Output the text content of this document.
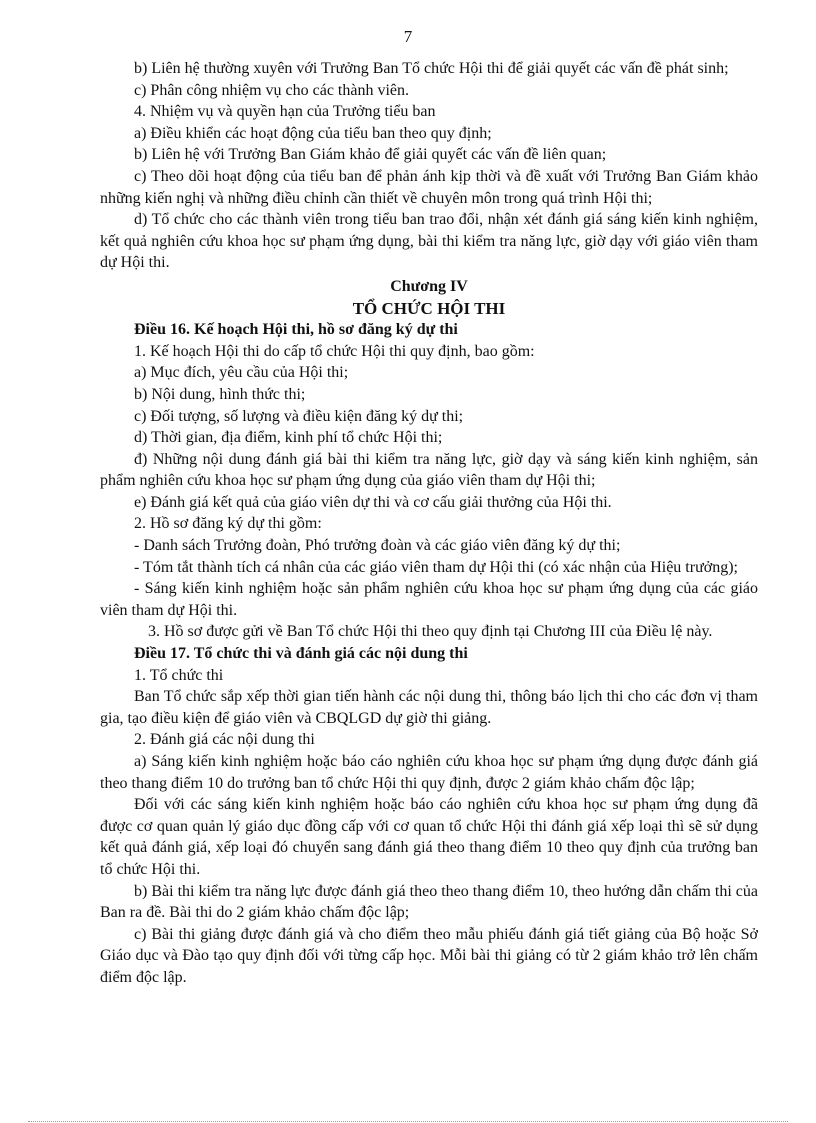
7

b) Liên hệ thường xuyên với Trưởng Ban Tổ chức Hội thi để giải quyết các vấn đề phát sinh;

c) Phân công nhiệm vụ cho các thành viên.

4. Nhiệm vụ và quyền hạn của Trưởng tiểu ban

a) Điều khiển các hoạt động của tiểu ban theo quy định;

b) Liên hệ với Trưởng Ban Giám khảo để giải quyết các vấn đề liên quan;

c) Theo dõi hoạt động của tiểu ban để phản ánh kịp thời và đề xuất với Trưởng Ban Giám khảo những kiến nghị và những điều chỉnh cần thiết về chuyên môn trong quá trình Hội thi;

d) Tổ chức cho các thành viên trong tiểu ban trao đổi, nhận xét đánh giá sáng kiến kinh nghiệm, kết quả nghiên cứu khoa học sư phạm ứng dụng, bài thi kiểm tra năng lực, giờ dạy với giáo viên tham dự Hội thi.

Chương IV

TỔ CHỨC HỘI THI

Điều 16. Kế hoạch Hội thi, hồ sơ đăng ký dự thi

1. Kế hoạch Hội thi do cấp tổ chức Hội thi quy định, bao gồm:

a) Mục đích, yêu cầu của Hội thi;

b) Nội dung, hình thức thi;

c) Đối tượng, số lượng và điều kiện đăng ký dự thi;

d) Thời gian, địa điểm, kinh phí tổ chức Hội thi;

đ) Những nội dung đánh giá bài thi kiểm tra năng lực, giờ dạy và sáng kiến kinh nghiệm, sản phẩm nghiên cứu khoa học sư phạm ứng dụng của giáo viên tham dự Hội thi;

e) Đánh giá kết quả của giáo viên dự thi và cơ cấu giải thưởng của Hội thi.

2. Hồ sơ đăng ký dự thi gồm:

- Danh sách Trưởng đoàn, Phó trưởng đoàn và các giáo viên đăng ký dự thi;

- Tóm tắt thành tích cá nhân của các giáo viên tham dự Hội thi (có xác nhận của Hiệu trưởng);

- Sáng kiến kinh nghiệm hoặc sản phẩm nghiên cứu khoa học sư phạm ứng dụng của các giáo viên tham dự Hội thi.

3. Hồ sơ được gửi về Ban Tổ chức Hội thi theo quy định tại Chương III của Điều lệ này.

Điều 17. Tổ chức thi và đánh giá các nội dung thi

1. Tổ chức thi

Ban Tổ chức sắp xếp thời gian tiến hành các nội dung thi, thông báo lịch thi cho các đơn vị tham gia, tạo điều kiện để giáo viên và CBQLGD dự giờ thi giảng.

2. Đánh giá các nội dung thi

a) Sáng kiến kinh nghiệm hoặc báo cáo nghiên cứu khoa học sư phạm ứng dụng được đánh giá theo thang điểm 10 do trưởng ban tổ chức Hội thi quy định, được 2 giám khảo chấm độc lập;

Đối với các sáng kiến kinh nghiệm hoặc báo cáo nghiên cứu khoa học sư phạm ứng dụng đã được cơ quan quản lý giáo dục đồng cấp với cơ quan tổ chức Hội thi đánh giá xếp loại thì sẽ sử dụng kết quả đánh giá, xếp loại đó chuyển sang đánh giá theo thang điểm 10 theo quy định của trưởng ban tổ chức Hội thi.

b) Bài thi kiểm tra năng lực được đánh giá theo theo thang điểm 10, theo hướng dẫn chấm thi của Ban ra đề. Bài thi do 2 giám khảo chấm độc lập;

c) Bài thi giảng được đánh giá và cho điểm theo mẫu phiếu đánh giá tiết giảng của Bộ hoặc Sở Giáo dục và Đào tạo quy định đối với từng cấp học. Mỗi bài thi giảng có từ 2 giám khảo trở lên chấm điểm độc lập.
